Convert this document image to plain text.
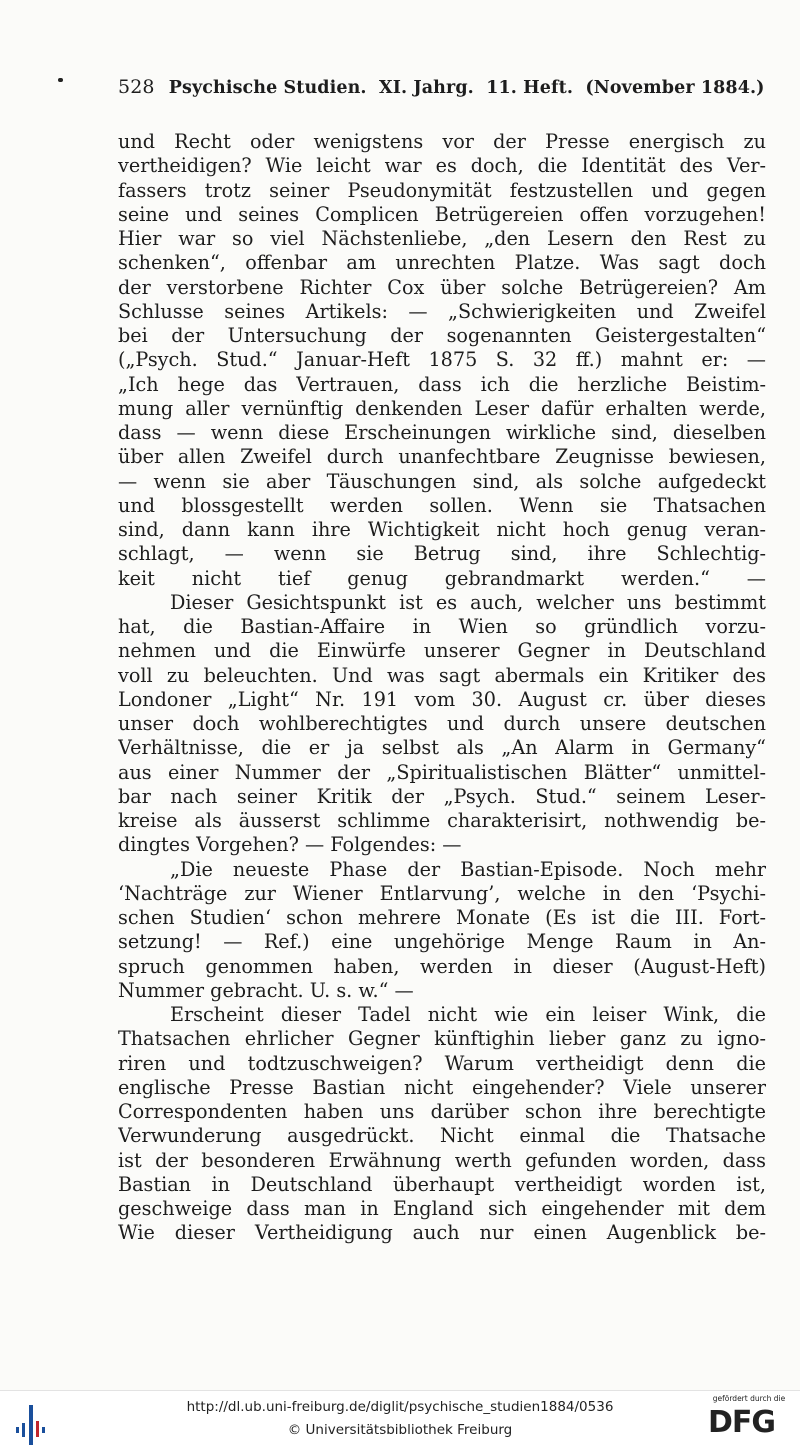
528 Psychische Studien.  XI. Jahrg.  11. Heft.  (November 1884.)
und Recht oder wenigstens vor der Presse energisch zu
vertheidigen? Wie leicht war es doch, die Identität des Ver-
fassers trotz seiner Pseudonymität festzustellen und gegen
seine und seines Complicen Betrügereien offen vorzugehen!
Hier war so viel Nächstenliebe, „den Lesern den Rest zu
schenken“, offenbar am unrechten Platze. Was sagt doch
der verstorbene Richter Cox über solche Betrügereien? Am
Schlusse seines Artikels: — „Schwierigkeiten und Zweifel
bei der Untersuchung der sogenannten Geistergestalten“
(„Psych. Stud.“ Januar-Heft 1875 S. 32 ff.) mahnt er: —
„Ich hege das Vertrauen, dass ich die herzliche Beistim-
mung aller vernünftig denkenden Leser dafür erhalten werde,
dass — wenn diese Erscheinungen wirkliche sind, dieselben
über allen Zweifel durch unanfechtbare Zeugnisse bewiesen,
— wenn sie aber Täuschungen sind, als solche aufgedeckt
und blossgestellt werden sollen. Wenn sie Thatsachen
sind, dann kann ihre Wichtigkeit nicht hoch genug veran-
schlagt, — wenn sie Betrug sind, ihre Schlechtig-
keit nicht tief genug gebrandmarkt werden.“ —
Dieser Gesichtspunkt ist es auch, welcher uns bestimmt
hat, die Bastian-Affaire in Wien so gründlich vorzu-
nehmen und die Einwürfe unserer Gegner in Deutschland
voll zu beleuchten. Und was sagt abermals ein Kritiker des
Londoner „Light“ Nr. 191 vom 30. August cr. über dieses
unser doch wohlberechtigtes und durch unsere deutschen
Verhältnisse, die er ja selbst als „An Alarm in Germany“
aus einer Nummer der „Spiritualistischen Blätter“ unmittel-
bar nach seiner Kritik der „Psych. Stud.“ seinem Leser-
kreise als äusserst schlimme charakterisirt, nothwendig be-
dingtes Vorgehen? — Folgendes: —
„Die neueste Phase der Bastian-Episode. Noch mehr
‘Nachträge zur Wiener Entlarvung’, welche in den ‘Psychi-
schen Studien‘ schon mehrere Monate (Es ist die III. Fort-
setzung! — Ref.) eine ungehörige Menge Raum in An-
spruch genommen haben, werden in dieser (August-Heft)
Nummer gebracht. U. s. w.“ —
Erscheint dieser Tadel nicht wie ein leiser Wink, die
Thatsachen ehrlicher Gegner künftighin lieber ganz zu igno-
riren und todtzuschweigen? Warum vertheidigt denn die
englische Presse Bastian nicht eingehender? Viele unserer
Correspondenten haben uns darüber schon ihre berechtigte
Verwunderung ausgedrückt. Nicht einmal die Thatsache
ist der besonderen Erwähnung werth gefunden worden, dass
Bastian in Deutschland überhaupt vertheidigt worden ist,
geschweige dass man in England sich eingehender mit dem
Wie dieser Vertheidigung auch nur einen Augenblick be-
http://dl.ub.uni-freiburg.de/diglit/psychische_studien1884/0536
© Universitätsbibliothek Freiburg
gefördert durch die
DFG
